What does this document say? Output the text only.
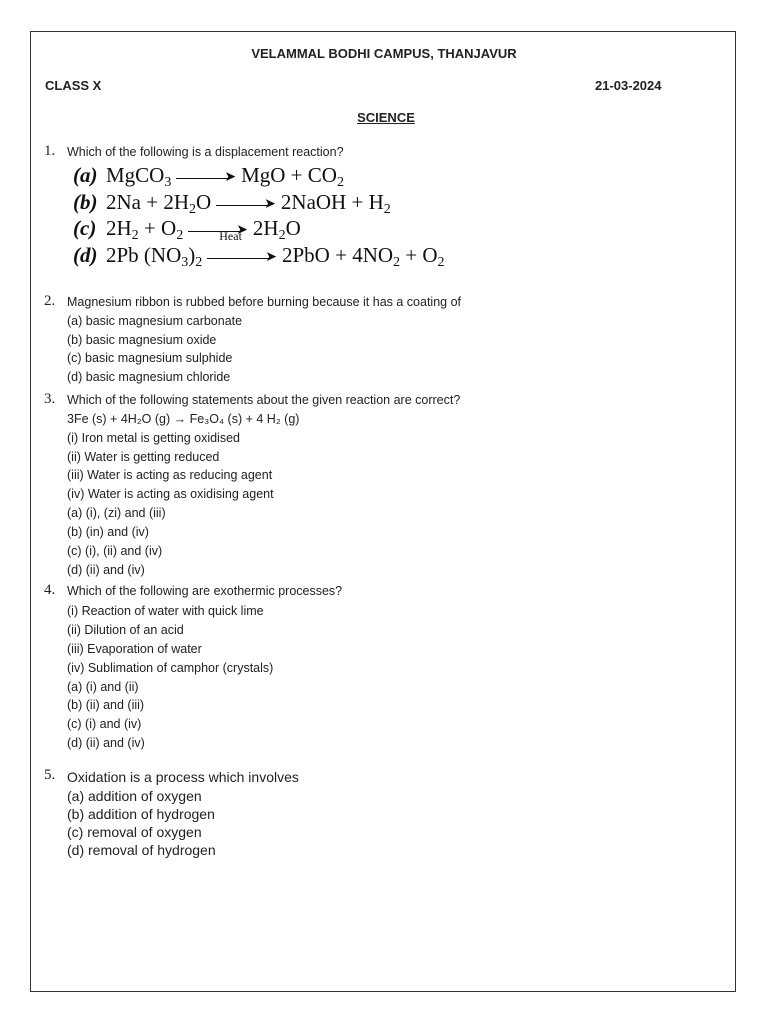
VELAMMAL BODHI CAMPUS, THANJAVUR
CLASS X	21-03-2024
SCIENCE
1. Which of the following is a displacement reaction?
(a) MgCO$_3$	➤ MgO + $CO_2$
(b) $2Na + 2H_2O$	➤ 2NaOH + $H_2$
(c) $2H_2 + O_2$	➤ $2H_2O$
(d) 2Pb $(NO_3)_2$
Heat
➤ $2PbO + 4NO_2 + O_2$
2. Magnesium ribbon is rubbed before burning because it has a coating of
(a) basic magnesium carbonate
(b) basic magnesium oxide
(c) basic magnesium sulphide
(d) basic magnesium chloride
3. Which of the following statements about the given reaction are correct?
3Fe (s) + 4H₂O (g) → Fe₃O₄ (s) + 4 H₂ (g)
(i) Iron metal is getting oxidised
(ii) Water is getting reduced
(iii) Water is acting as reducing agent
(iv) Water is acting as oxidising agent
(a) (i), (zi) and (iii)
(b) (in) and (iv)
(c) (i), (ii) and (iv)
(d) (ii) and (iv)
4. Which of the following are exothermic processes?
(i) Reaction of water with quick lime
(ii) Dilution of an acid
(iii) Evaporation of water
(iv) Sublimation of camphor (crystals)
(a) (i) and (ii)
(b) (ii) and (iii)
(c) (i) and (iv)
(d) (ii) and (iv)
5. Oxidation is a process which involves
(a) addition of oxygen
(b) addition of hydrogen
(c) removal of oxygen
(d) removal of hydrogen
